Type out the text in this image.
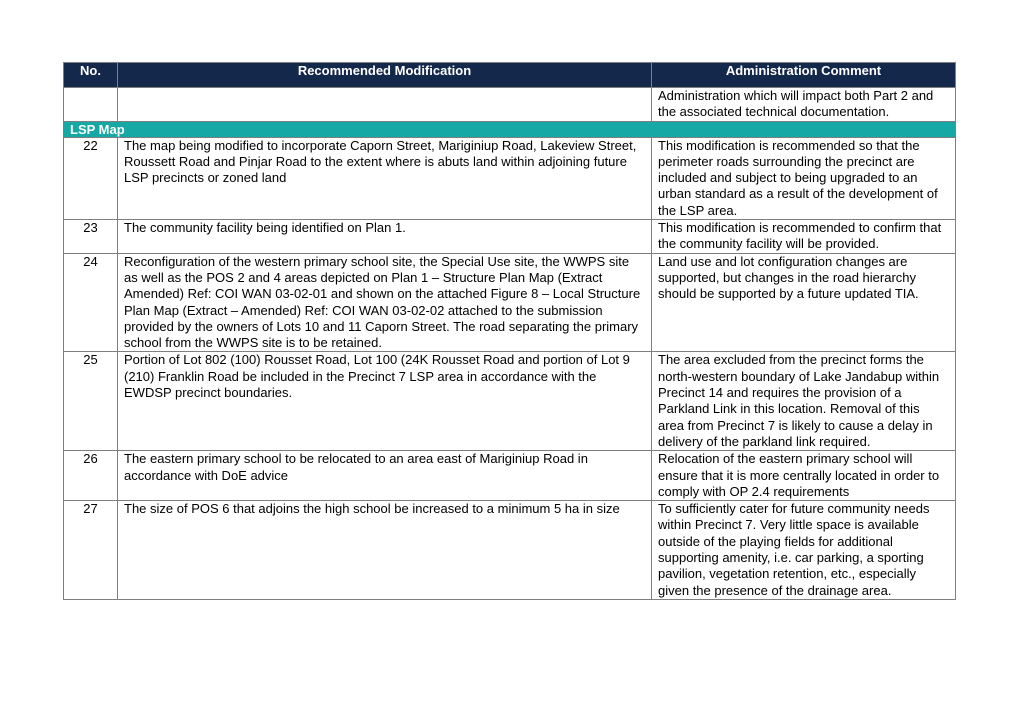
No.	Recommended Modification	Administration Comment
		Administration which will impact both Part 2 and the associated technical documentation.
LSP Map		
22	The map being modified to incorporate Caporn Street, Mariginiup Road, Lakeview Street, Roussett Road and Pinjar Road to the extent where is abuts land within adjoining future LSP precincts or zoned land	This modification is recommended so that the perimeter roads surrounding the precinct are included and subject to being upgraded to an urban standard as a result of the development of the LSP area.
23	The community facility being identified on Plan 1.	This modification is recommended to confirm that the community facility will be provided.
24	Reconfiguration of the western primary school site, the Special Use site, the WWPS site as well as the POS 2 and 4 areas depicted on Plan 1 – Structure Plan Map (Extract Amended) Ref: COI WAN 03-02-01 and shown on the attached Figure 8 – Local Structure Plan Map (Extract – Amended) Ref: COI WAN 03-02-02 attached to the submission provided by the owners of Lots 10 and 11 Caporn Street. The road separating the primary school from the WWPS site is to be retained.	Land use and lot configuration changes are supported, but changes in the road hierarchy should be supported by a future updated TIA.
25	Portion of Lot 802 (100) Rousset Road, Lot 100 (24K Rousset Road and portion of Lot 9 (210) Franklin Road be included in the Precinct 7 LSP area in accordance with the EWDSP precinct boundaries.	The area excluded from the precinct forms the north-western boundary of Lake Jandabup within Precinct 14 and requires the provision of a Parkland Link in this location. Removal of this area from Precinct 7 is likely to cause a delay in delivery of the parkland link required.
26	The eastern primary school to be relocated to an area east of Mariginiup Road in accordance with DoE advice	Relocation of the eastern primary school will ensure that it is more centrally located in order to comply with OP 2.4 requirements
27	The size of POS 6 that adjoins the high school be increased to a minimum 5 ha in size	To sufficiently cater for future community needs within Precinct 7. Very little space is available outside of the playing fields for additional supporting amenity, i.e. car parking, a sporting pavilion, vegetation retention, etc., especially given the presence of the drainage area.
